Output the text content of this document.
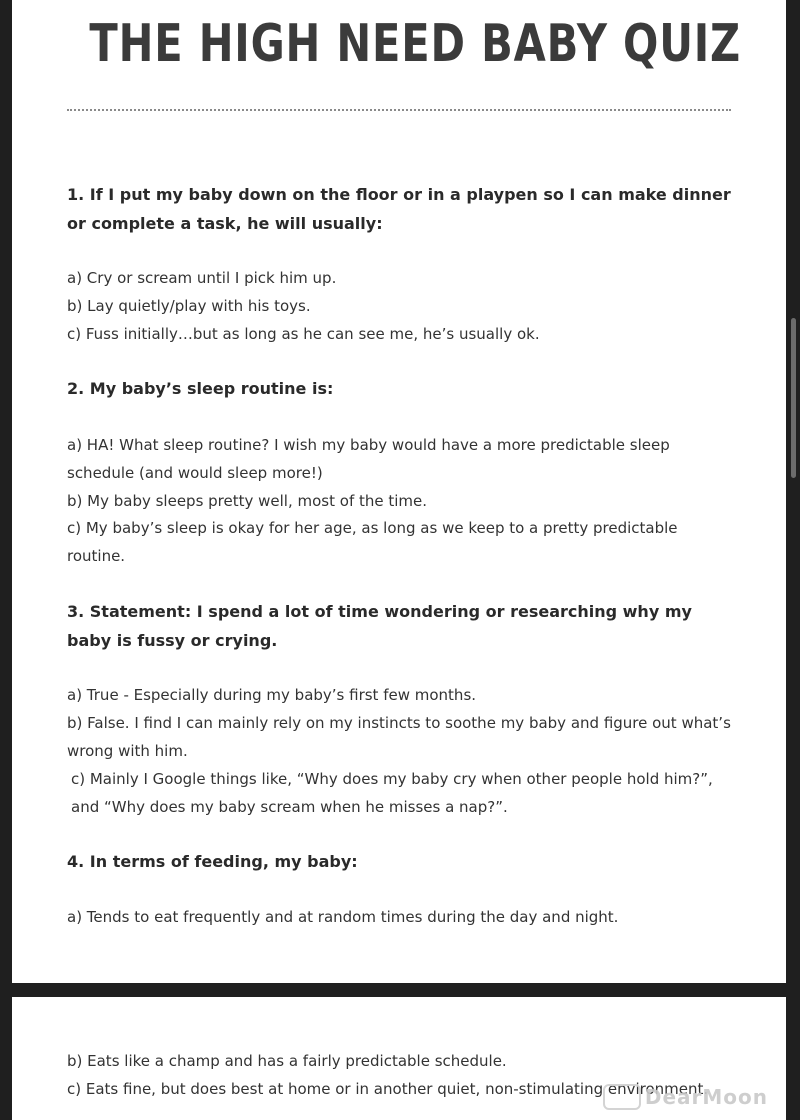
THE HIGH NEED BABY QUIZ

1. If I put my baby down on the floor or in a playpen so I can make dinner or complete a task, he will usually:

a) Cry or scream until I pick him up.

b) Lay quietly/play with his toys.

c) Fuss initially…but as long as he can see me, he’s usually ok.

2. My baby’s sleep routine is:

a) HA! What sleep routine? I wish my baby would have a more predictable sleep schedule (and would sleep more!)

b) My baby sleeps pretty well, most of the time.

c) My baby’s sleep is okay for her age, as long as we keep to a pretty predictable routine.

3. Statement: I spend a lot of time wondering or researching why my baby is fussy or crying.

a) True - Especially during my baby’s first few months.

b) False. I find I can mainly rely on my instincts to soothe my baby and figure out what’s wrong with him.

c) Mainly I Google things like, “Why does my baby cry when other people hold him?”, and “Why does my baby scream when he misses a nap?”.

4. In terms of feeding, my baby:

a) Tends to eat frequently and at random times during the day and night.

b) Eats like a champ and has a fairly predictable schedule.

c) Eats fine, but does best at home or in another quiet, non-stimulating environment.

DearMoon
